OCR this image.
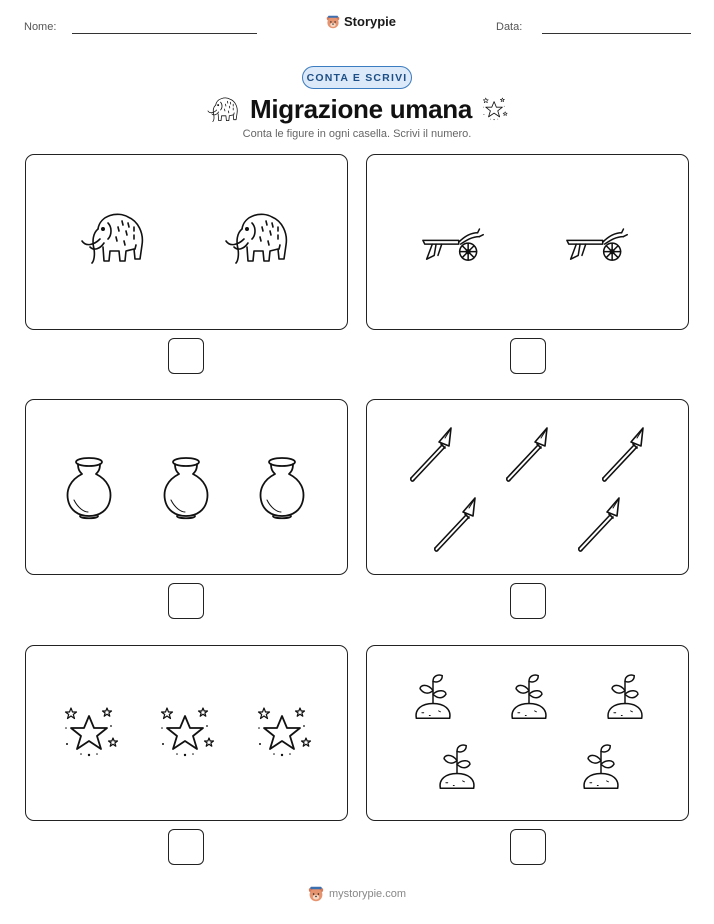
Nome:	Storypie	Data:
CONTA E SCRIVI
Migrazione umana
Conta le figure in ogni casella. Scrivi il numero.
mystorypie.com
